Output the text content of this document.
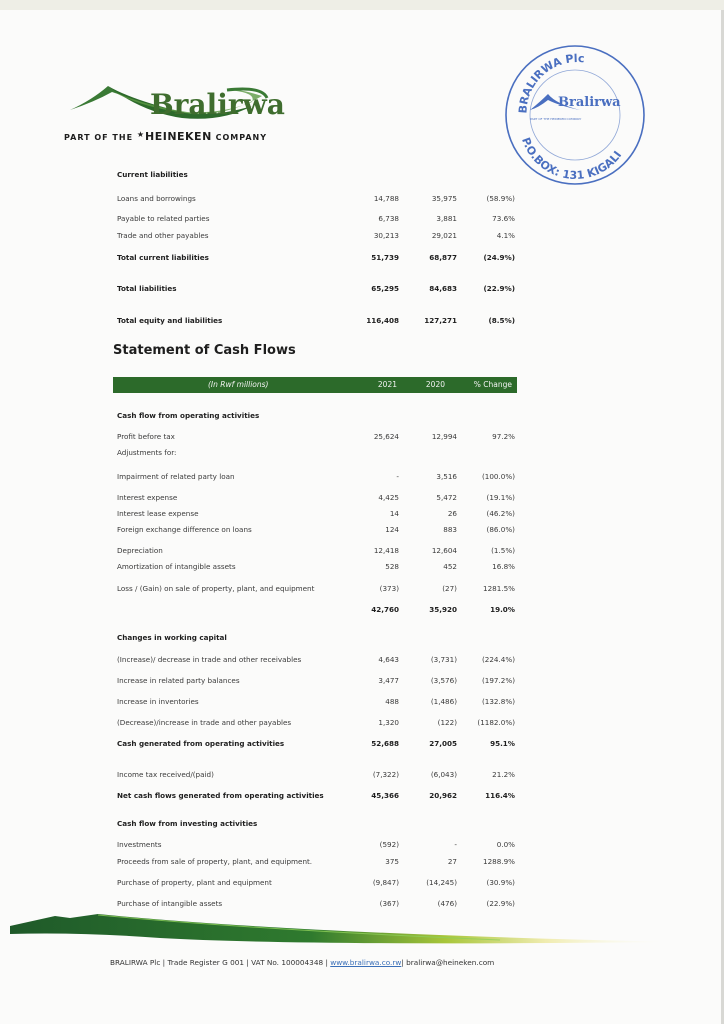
Bralirwa
PART OF THE ★HEINEKEN COMPANY
BRALIRWA Plc
P.O.BOX: 131 KIGALI
Bralirwa
PART OF THE HEINEKEN COMPANY
Current liabilities
Loans and borrowings	14,788	35,975	(58.9%)
Payable to related parties	6,738	3,881	73.6%
Trade and other payables	30,213	29,021	4.1%
Total current liabilities	51,739	68,877	(24.9%)
Total liabilities	65,295	84,683	(22.9%)
Total equity and liabilities	116,408	127,271	(8.5%)
Statement of Cash Flows
(In Rwf millions)	2021	2020	% Change
Cash flow from operating activities
Profit before tax	25,624	12,994	97.2%
Adjustments for:
Impairment of related party loan	-	3,516	(100.0%)
Interest expense	4,425	5,472	(19.1%)
Interest lease expense	14	26	(46.2%)
Foreign exchange difference on loans	124	883	(86.0%)
Depreciation	12,418	12,604	(1.5%)
Amortization of intangible assets	528	452	16.8%
Loss / (Gain) on sale of property, plant, and equipment	(373)	(27)	1281.5%
42,760	35,920	19.0%
Changes in working capital
(Increase)/ decrease in trade and other receivables	4,643	(3,731)	(224.4%)
Increase in related party balances	3,477	(3,576)	(197.2%)
Increase in inventories	488	(1,486)	(132.8%)
(Decrease)/increase in trade and other payables	1,320	(122)	(1182.0%)
Cash generated from operating activities	52,688	27,005	95.1%
Income tax received/(paid)	(7,322)	(6,043)	21.2%
Net cash flows generated from operating activities	45,366	20,962	116.4%
Cash flow from investing activities
Investments	(592)	-	0.0%
Proceeds from sale of property, plant, and equipment.	375	27	1288.9%
Purchase of property, plant and equipment	(9,847)	(14,245)	(30.9%)
Purchase of intangible assets	(367)	(476)	(22.9%)
BRALIRWA Plc | Trade Register G 001 | VAT No. 100004348 | www.bralirwa.co.rw| bralirwa@heineken.com
